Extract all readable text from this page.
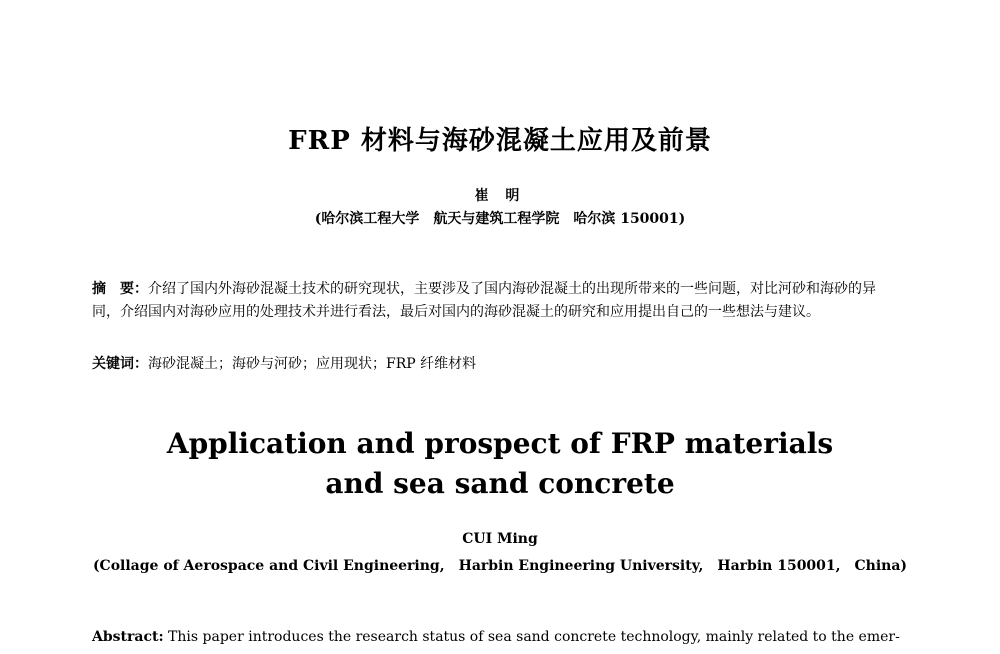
FRP 材料与海砂混凝土应用及前景
崔 明
(哈尔滨工程大学　航天与建筑工程学院　哈尔滨 150001)
摘　要：介绍了国内外海砂混凝土技术的研究现状，主要涉及了国内海砂混凝土的出现所带来的一些问题，对比河砂和海砂的异同，介绍国内对海砂应用的处理技术并进行看法，最后对国内的海砂混凝土的研究和应用提出自己的一些想法与建议。
关键词：海砂混凝土；海砂与河砂；应用现状；FRP 纤维材料
Application and prospect of FRP materials
and sea sand concrete
CUI Ming
(Collage of Aerospace and Civil Engineering,　Harbin Engineering University,　Harbin 150001,　China)
Abstract: This paper introduces the research status of sea sand concrete technology, mainly related to the emer-
